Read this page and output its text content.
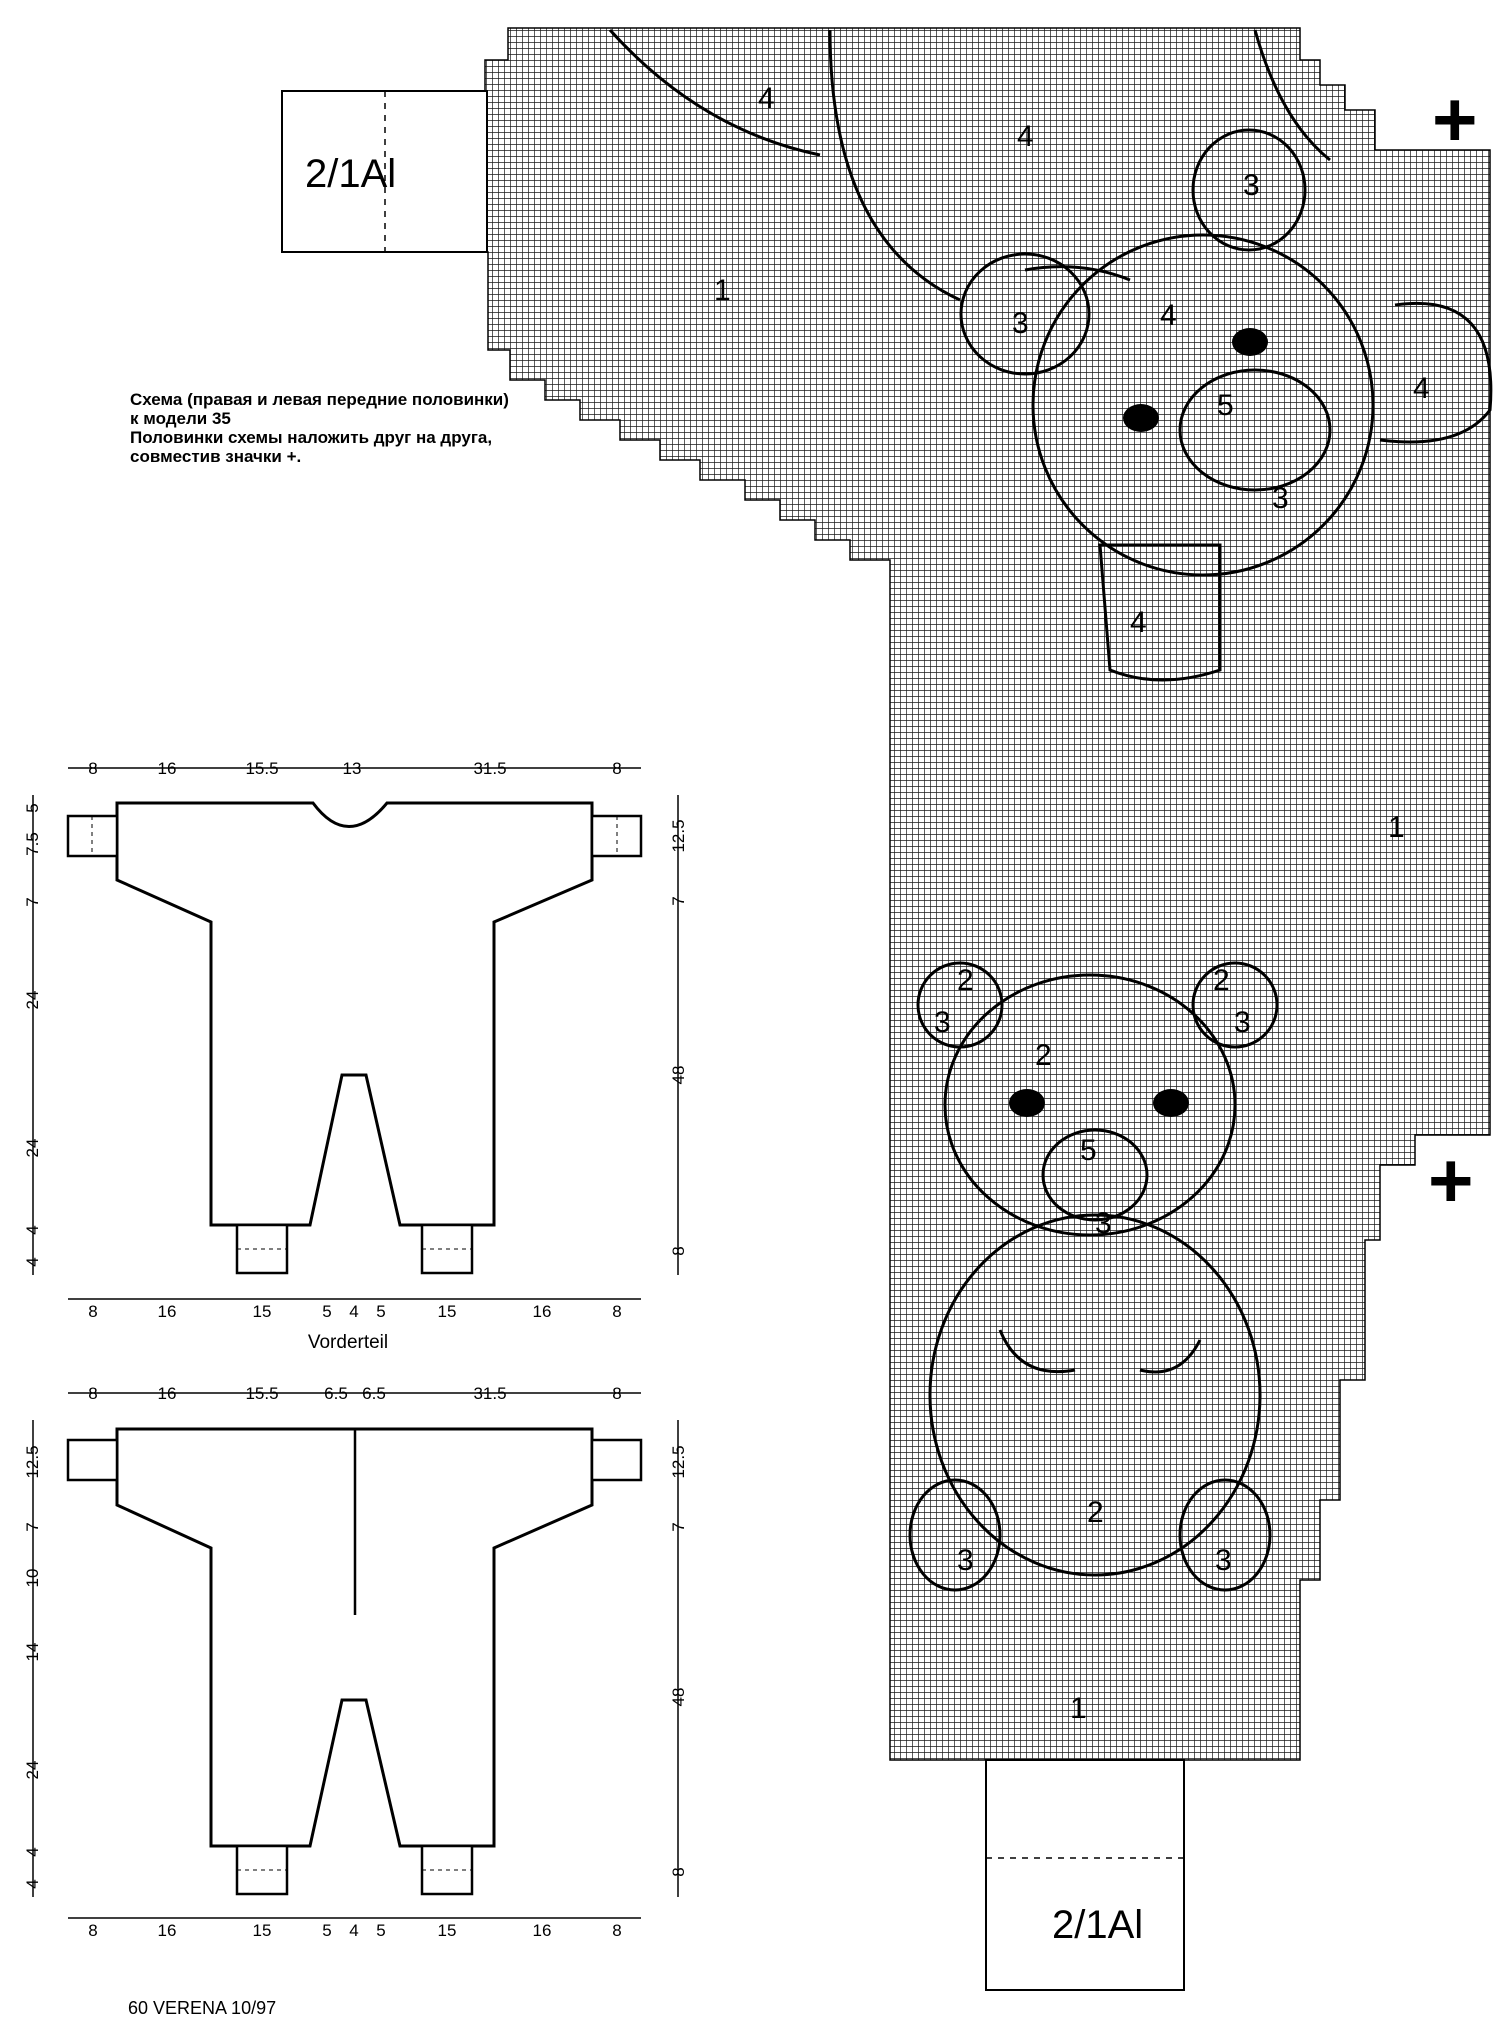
2/1Al
2/1Al
+
+
4
4
3
1
3	4
4
5
3
4
1
2
3
2
2
3
5
3
2
3	3
1
8	16	15.5	13	31.5	8
8	16	15	5 4 5	15	16	8
5
7.5
7
24
24
4
4
12.5
7
48
8
Vorderteil
8	16	15.5	6.5 6.5	31.5	8
8	16	15	5 4 5	15	16	8
12.5
7
10
14
24
4
4
12.5
7
48
8
Схема (правая и левая передние половинки)
к модели 35
Половинки схемы наложить друг на друга,
совместив значки +.
60 VERENA 10/97
